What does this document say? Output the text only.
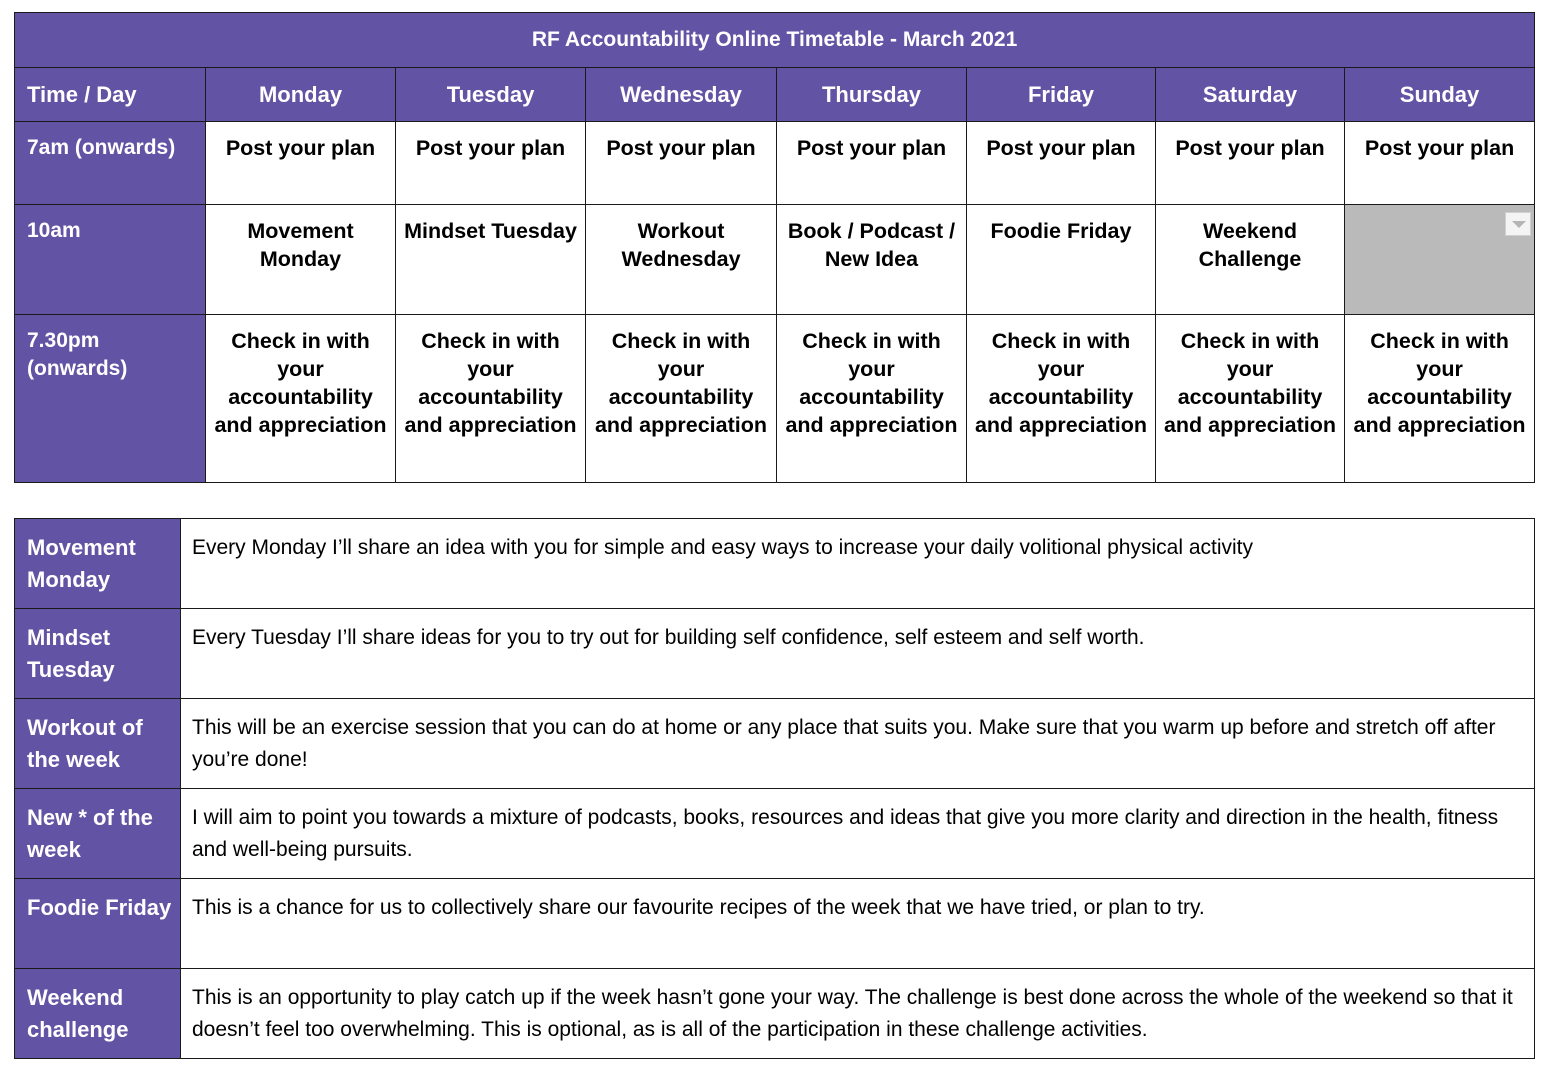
RF Accountability Online Timetable - March 2021							
Time / Day	Monday	Tuesday	Wednesday	Thursday	Friday	Saturday	Sunday
7am (onwards)	Post your plan	Post your plan	Post your plan	Post your plan	Post your plan	Post your plan	Post your plan
10am	Movement Monday	Mindset Tuesday	Workout Wednesday	Book / Podcast / New Idea	Foodie Friday	Weekend Challenge	

7.30pm (onwards)	Check in with your accountability and appreciation	Check in with your accountability and appreciation	Check in with your accountability and appreciation	Check in with your accountability and appreciation	Check in with your accountability and appreciation	Check in with your accountability and appreciation	Check in with your accountability and appreciation
Movement Monday	Every Monday I’ll share an idea with you for simple and easy ways to increase your daily volitional physical activity
Mindset Tuesday	Every Tuesday I’ll share ideas for you to try out for building self confidence, self esteem and self worth.
Workout of the week	This will be an exercise session that you can do at home or any place that suits you. Make sure that you warm up before and stretch off after you’re done!
New * of the week	I will aim to point you towards a mixture of podcasts, books, resources and ideas that give you more clarity and direction in the health, fitness and well-being pursuits.
Foodie Friday	This is a chance for us to collectively share our favourite recipes of the week that we have tried, or plan to try.
Weekend challenge	This is an opportunity to play catch up if the week hasn’t gone your way. The challenge is best done across the whole of the weekend so that it doesn’t feel too overwhelming. This is optional, as is all of the participation in these challenge activities.
